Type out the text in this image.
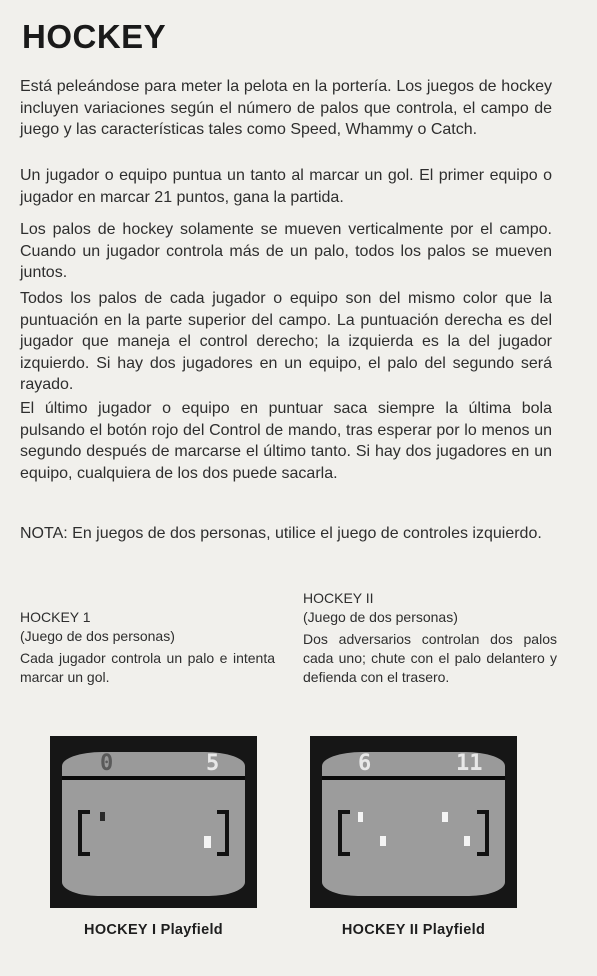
HOCKEY

Está peleándose para meter la pelota en la portería. Los juegos de hockey incluyen variaciones según el número de palos que controla, el campo de juego y las características tales como Speed, Whammy o Catch.

Un jugador o equipo puntua un tanto al marcar un gol. El primer equipo o jugador en marcar 21 puntos, gana la partida.

Los palos de hockey solamente se mueven verticalmente por el campo. Cuando un jugador controla más de un palo, todos los palos se mueven juntos.

Todos los palos de cada jugador o equipo son del mismo color que la puntuación en la parte superior del campo. La puntuación derecha es del jugador que maneja el control derecho; la izquierda es la del jugador izquierdo. Si hay dos jugadores en un equipo, el palo del segundo será rayado.

El último jugador o equipo en puntuar saca siempre la última bola pulsando el botón rojo del Control de mando, tras esperar por lo menos un segundo después de marcarse el último tanto. Si hay dos jugadores en un equipo, cualquiera de los dos puede sacarla.

NOTA: En juegos de dos personas, utilice el juego de controles izquierdo.

HOCKEY 1
(Juego de dos personas)
Cada jugador controla un palo e intenta marcar un gol.
HOCKEY II
(Juego de dos personas)
Dos adversarios controlan dos palos cada uno; chute con el palo delantero y defienda con el trasero.
0	5	6	11
HOCKEY I Playfield	HOCKEY II Playfield
